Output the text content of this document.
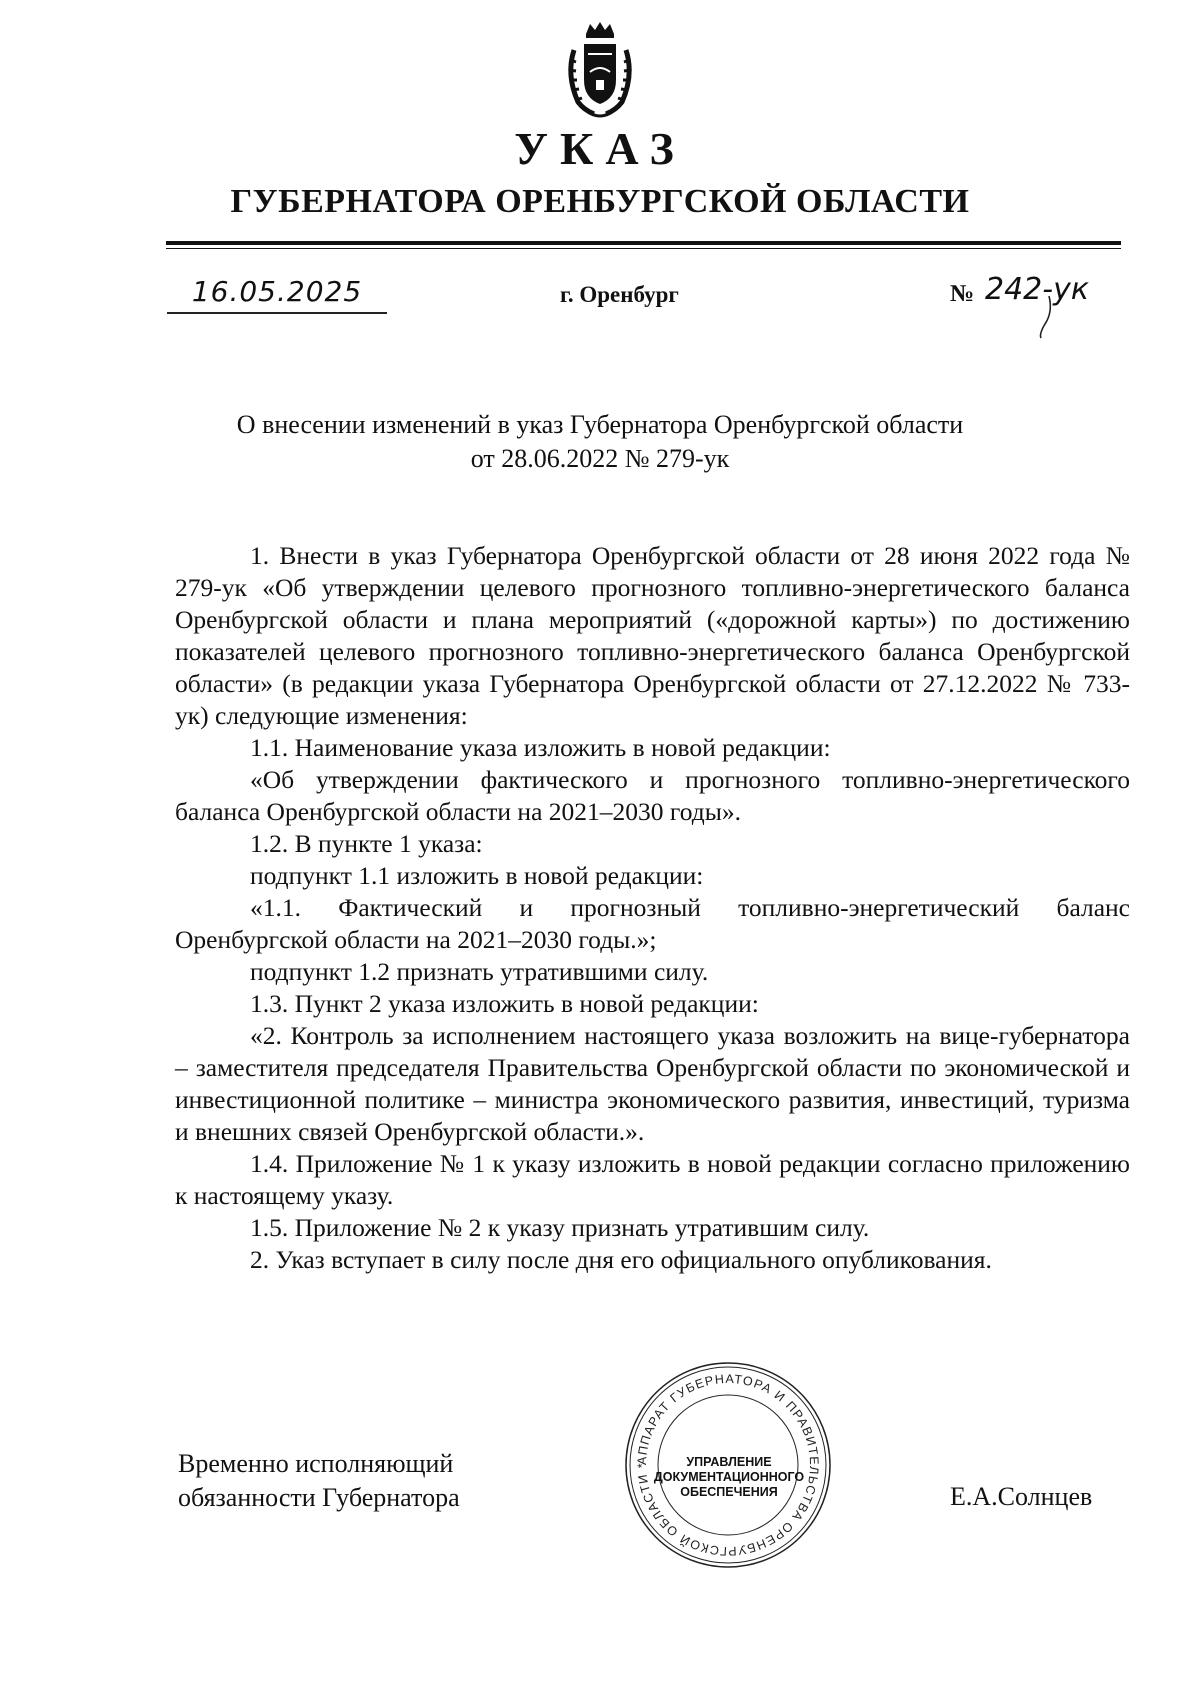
УКАЗ
ГУБЕРНАТОРА ОРЕНБУРГСКОЙ ОБЛАСТИ
16.05.2025	г. Оренбург	№ 242-ук
О внесении изменений в указ Губернатора Оренбургской области
от 28.06.2022 № 279-ук

1. Внести в указ Губернатора Оренбургской области от 28 июня 2022 года № 279-ук «Об утверждении целевого прогнозного топливно-энергетического баланса Оренбургской области и плана мероприятий («дорожной карты») по достижению показателей целевого прогнозного топливно-энергетического баланса Оренбургской области» (в редакции указа Губернатора Оренбургской области от 27.12.2022 № 733-ук) следующие изменения:

1.1. Наименование указа изложить в новой редакции:

«Об утверждении фактического и прогнозного топливно-энергетического баланса Оренбургской области на 2021–2030 годы».

1.2. В пункте 1 указа:

подпункт 1.1 изложить в новой редакции:

«1.1. Фактический и прогнозный топливно-энергетический баланс Оренбургской области на 2021–2030 годы.»;

подпункт 1.2 признать утратившими силу.

1.3. Пункт 2 указа изложить в новой редакции:

«2. Контроль за исполнением настоящего указа возложить на вице-губернатора – заместителя председателя Правительства Оренбургской области по экономической и инвестиционной политике – министра экономического развития, инвестиций, туризма и внешних связей Оренбургской области.».

1.4. Приложение № 1 к указу изложить в новой редакции согласно приложению к настоящему указу.

1.5. Приложение № 2 к указу признать утратившим силу.

2. Указ вступает в силу после дня его официального опубликования.

Временно исполняющий
обязанности Губернатора	Е.А.Солнцев
АППАРАТ ГУБЕРНАТОРА И ПРАВИТЕЛЬСТВА ОРЕНБУРГСКОЙ ОБЛАСТИ *	УПРАВЛЕНИЕ
ДОКУМЕНТАЦИОННОГО
ОБЕСПЕЧЕНИЯ
